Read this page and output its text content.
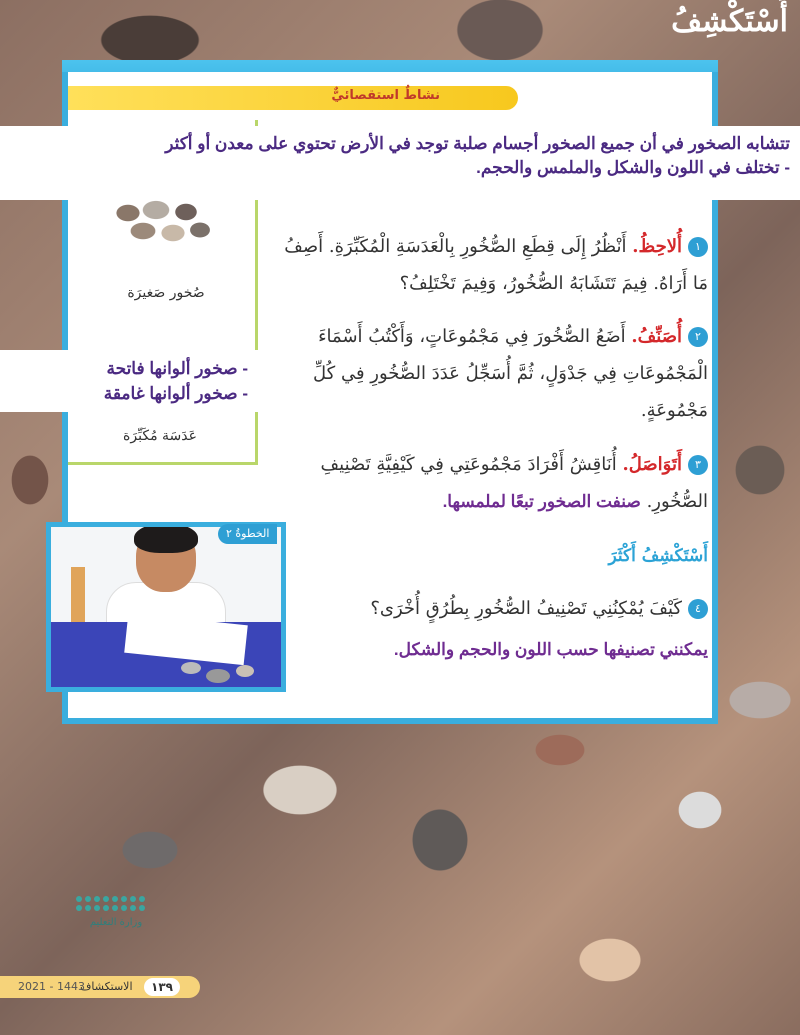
أَسْتَكْشِفُ
نشاطٌ استقصائيٌّ
صُخور صَغيرَة
عَدَسَة مُكَبِّرَة
١أُلاحِظُ. أَنْظُرُ إِلَى قِطَعِ الصُّخُورِ بِالْعَدَسَةِ الْمُكَبِّرَةِ. أَصِفُ مَا أَرَاهُ. فِيمَ تَتَشَابَهُ الصُّخُورُ، وَفِيمَ تَخْتَلِفُ؟
٢أُصَنِّفُ. أَضَعُ الصُّخُورَ فِي مَجْمُوعَاتٍ، وَأَكْتُبُ أَسْمَاءَ الْمَجْمُوعَاتِ فِي جَدْوَلٍ، ثُمَّ أُسَجِّلُ عَدَدَ الصُّخُورِ فِي كُلِّ مَجْمُوعَةٍ.
٣أَتَوَاصَلُ. أُنَاقِشُ أَفْرَادَ مَجْمُوعَتِي فِي كَيْفِيَّةِ تَصْنِيفِ الصُّخُورِ. صنفت الصخور تبعًا لملمسها.
أَسْتَكْشِفُ أَكْثَرَ
٤كَيْفَ يُمْكِنُنِي تَصْنِيفُ الصُّخُورِ بِطُرُقٍ أُخْرَى؟
يمكنني تصنيفها حسب اللون والحجم والشكل.
الخطوةُ ٢
تتشابه الصخور في أن جميع الصخور أجسام صلبة توجد في الأرض تحتوي على معدن أو أكثر
- تختلف في اللون والشكل والملمس والحجم.
- صخور ألوانها فاتحة
- صخور ألوانها غامقة
وزارة التعليم
١٣٩
الاستكشاف
2021 - 1443
